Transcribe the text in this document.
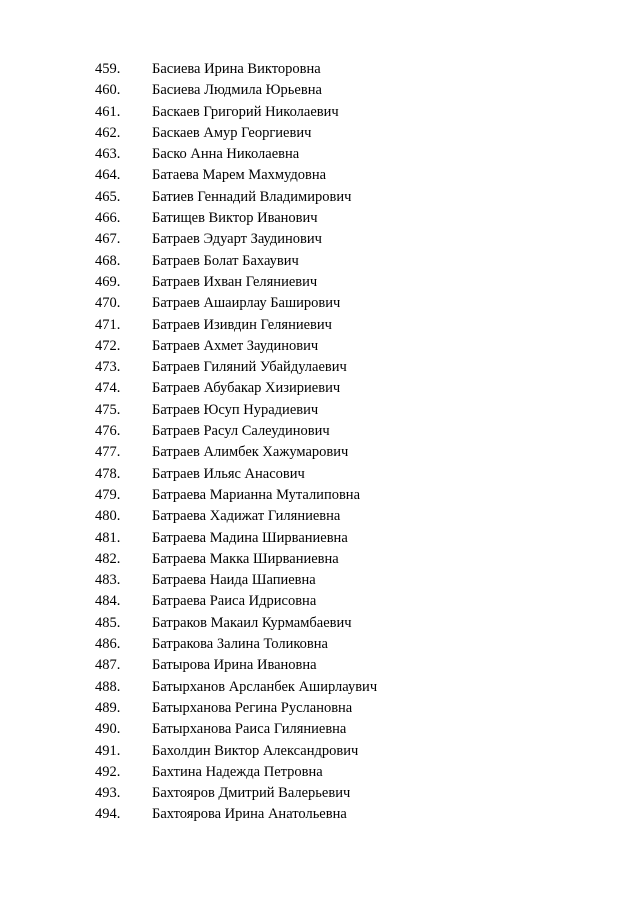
459.	Басиева Ирина Викторовна
460.	Басиева Людмила Юрьевна
461.	Баскаев Григорий Николаевич
462.	Баскаев Амур Георгиевич
463.	Баско Анна Николаевна
464.	Батаева Марем Махмудовна
465.	Батиев Геннадий Владимирович
466.	Батищев Виктор Иванович
467.	Батраев Эдуарт Заудинович
468.	Батраев Болат Бахаувич
469.	Батраев Ихван Геляниевич
470.	Батраев Ашаирлау Баширович
471.	Батраев Изивдин Геляниевич
472.	Батраев Ахмет Заудинович
473.	Батраев Гиляний Убайдулаевич
474.	Батраев Абубакар Хизириевич
475.	Батраев Юсуп Нурадиевич
476.	Батраев Расул Салеудинович
477.	Батраев Алимбек Хажумарович
478.	Батраев Ильяс Анасович
479.	Батраева Марианна Муталиповна
480.	Батраева Хадижат Гиляниевна
481.	Батраева Мадина Ширваниевна
482.	Батраева Макка Ширваниевна
483.	Батраева Наида Шапиевна
484.	Батраева Раиса Идрисовна
485.	Батраков Макаил Курмамбаевич
486.	Батракова Залина Толиковна
487.	Батырова Ирина Ивановна
488.	Батырханов Арсланбек Аширлаувич
489.	Батырханова Регина Руслановна
490.	Батырханова Раиса Гиляниевна
491.	Бахолдин Виктор Александрович
492.	Бахтина Надежда Петровна
493.	Бахтояров Дмитрий Валерьевич
494.	Бахтоярова Ирина Анатольевна
